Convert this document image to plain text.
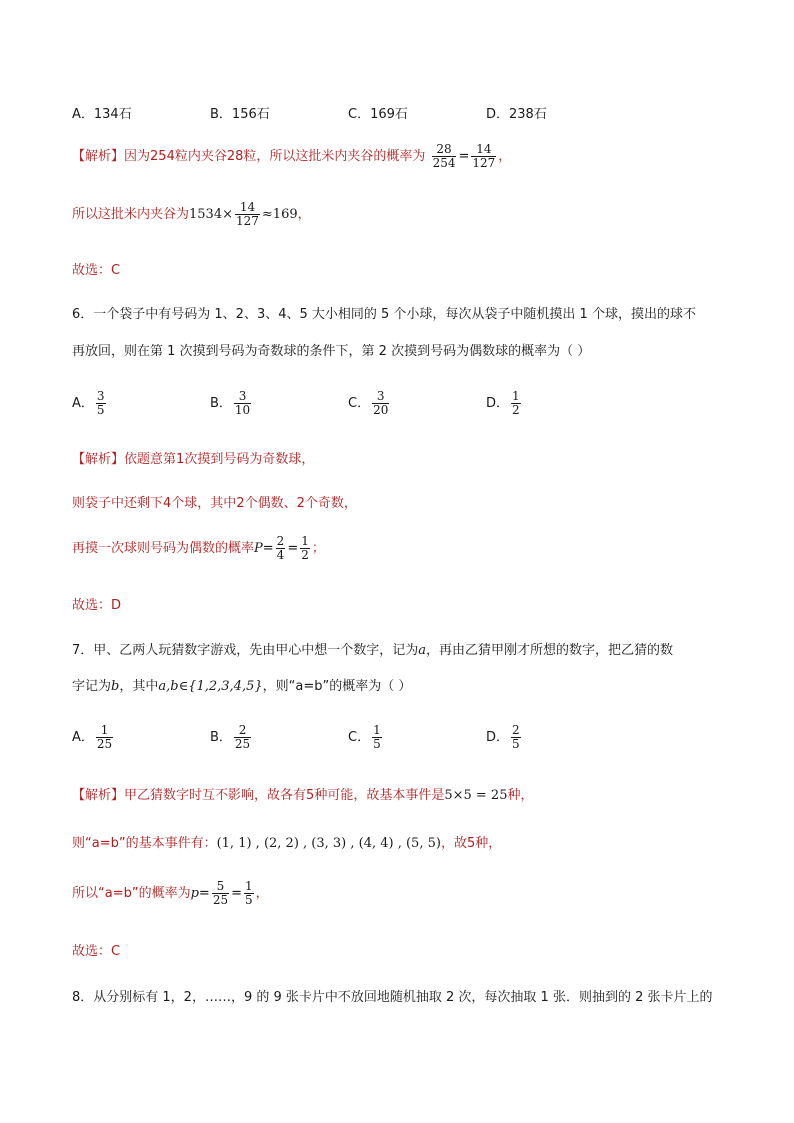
A．134石	B．156石	C．169石	D．238石
【解析】因为254粒内夹谷28粒，所以这批米内夹谷的概率为 $\frac{28}{254} = \frac{14}{127}$ ，
所以这批米内夹谷为$1534\times \frac{14}{127} \approx 169$，
故选：C
6．一个袋子中有号码为 1、2、3、4、5 大小相同的 5 个小球，每次从袋子中随机摸出 1 个球，摸出的球不
再放回，则在第 1 次摸到号码为奇数球的条件下，第 2 次摸到号码为偶数球的概率为（ ）
A． $\frac{3}{5}$	B． $\frac{3}{10}$	C． $\frac{3}{20}$	D． $\frac{1}{2}$
【解析】依题意第1次摸到号码为奇数球，
则袋子中还剩下4个球，其中2个偶数、2个奇数，
再摸一次球则号码为偶数的概率$P= \frac{2}{4} = \frac{1}{2}$ ；
故选：D
7．甲、乙两人玩猜数字游戏，先由甲心中想一个数字，记为a，再由乙猜甲刚才所想的数字，把乙猜的数
字记为b，其中a,b∈{1,2,3,4,5}，则“a=b”的概率为（ ）
A． $\frac{1}{25}$	B． $\frac{2}{25}$	C． $\frac{1}{5}$	D． $\frac{2}{5}$
【解析】甲乙猜数字时互不影响，故各有5种可能，故基本事件是5×5 = 25种，
则“a=b”的基本事件有：(1, 1) , (2, 2) , (3, 3) , (4, 4) , (5, 5)，故5种，
所以“a=b”的概率为$p= \frac{5}{25} = \frac{1}{5}$ ，
故选：C
8．从分别标有 1，2，……，9 的 9 张卡片中不放回地随机抽取 2 次，每次抽取 1 张．则抽到的 2 张卡片上的
